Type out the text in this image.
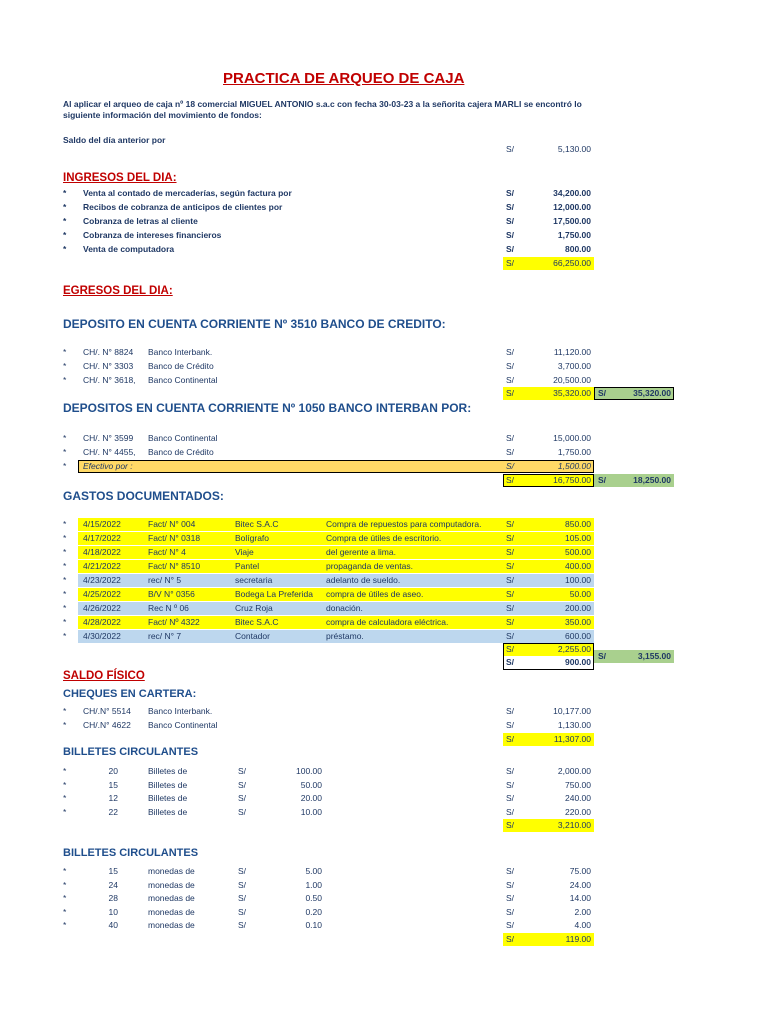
PRACTICA DE ARQUEO DE CAJA
Al aplicar el arqueo de caja nº 18 comercial MIGUEL ANTONIO s.a.c con fecha 30-03-23 a la señorita cajera MARLI se encontró lo
siguiente información del movimiento de fondos:
Saldo del día anterior por
S/	5,130.00
INGRESOS DEL DIA:
* Venta al contado de mercaderías, según factura por	S/	34,200.00
* Recibos de cobranza de anticipos de clientes por	S/	12,000.00
* Cobranza de letras al cliente	S/	17,500.00
* Cobranza de intereses financieros	S/	1,750.00
* Venta de computadora	S/	800.00
S/	66,250.00
EGRESOS DEL DIA:
DEPOSITO EN CUENTA CORRIENTE Nº 3510 BANCO DE CREDITO:
* CH/. N° 8824 Banco Interbank.	S/	11,120.00
* CH/. N° 3303 Banco de Crédito	S/	3,700.00
* CH/. N° 3618, Banco Continental	S/	20,500.00
S/	35,320.00 S/	35,320.00
DEPOSITOS EN CUENTA CORRIENTE Nº 1050 BANCO INTERBAN POR:
* CH/. N° 3599 Banco Continental	S/	15,000.00
* CH/. N° 4455, Banco de Crédito	S/	1,750.00
* Efectivo por :	S/	1,500.00
S/	16,750.00 S/	18,250.00
GASTOS DOCUMENTADOS:
* 4/15/2022	Fact/ N° 004	Bitec S.A.C	Compra de repuestos para computadora.	S/	850.00
* 4/17/2022	Fact/ N° 0318	Bolígrafo	Compra de útiles de escritorio.	S/	105.00
* 4/18/2022	Fact/ N° 4	Viaje	del gerente a lima.	S/	500.00
* 4/21/2022	Fact/ N° 8510	Pantel	propaganda de ventas.	S/	400.00
* 4/23/2022	rec/ N° 5	secretaria	adelanto de sueldo.	S/	100.00
* 4/25/2022	B/V N° 0356	Bodega La Preferida compra de útiles de aseo.	S/	50.00
* 4/26/2022	Rec N º 06	Cruz Roja	donación.	S/	200.00
* 4/28/2022	Fact/ Nº 4322	Bitec S.A.C	compra de calculadora eléctrica.	S/	350.00
* 4/30/2022	rec/ N° 7	Contador	préstamo.	S/	600.00
S/	2,255.00
S/	900.00
S/	3,155.00
SALDO FÍSICO
CHEQUES EN CARTERA:
* CH/.N° 5514 Banco Interbank.	S/	10,177.00
* CH/.N° 4622 Banco Continental	S/	1,130.00
S/	11,307.00
BILLETES CIRCULANTES
*	20	Billetes de	S/	100.00	S/	2,000.00
*	15	Billetes de	S/	50.00	S/	750.00
*	12	Billetes de	S/	20.00	S/	240.00
*	22	Billetes de	S/	10.00	S/	220.00
S/	3,210.00
BILLETES CIRCULANTES
*	15	monedas de	S/	5.00	S/	75.00
*	24	monedas de	S/	1.00	S/	24.00
*	28	monedas de	S/	0.50	S/	14.00
*	10	monedas de	S/	0.20	S/	2.00
*	40	monedas de	S/	0.10	S/	4.00
S/	119.00
